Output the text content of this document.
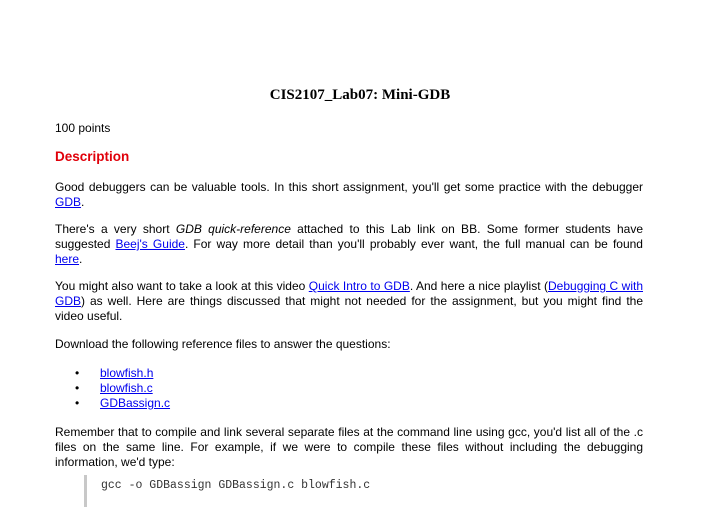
CIS2107_Lab07: Mini-GDB

100 points

Description

Good debuggers can be valuable tools. In this short assignment, you'll get some practice with the debugger GDB.

There's a very short GDB quick-reference attached to this Lab link on BB. Some former students have suggested Beej's Guide. For way more detail than you'll probably ever want, the full manual can be found here.

You might also want to take a look at this video Quick Intro to GDB. And here a nice playlist (Debugging C with GDB) as well. Here are things discussed that might not needed for the assignment, but you might find the video useful.

Download the following reference files to answer the questions:

• blowfish.h
• blowfish.c
• GDBassign.c

Remember that to compile and link several separate files at the command line using gcc, you'd list all of the .c files on the same line. For example, if we were to compile these files without including the debugging information, we'd type:

gcc -o GDBassign GDBassign.c blowfish.c
